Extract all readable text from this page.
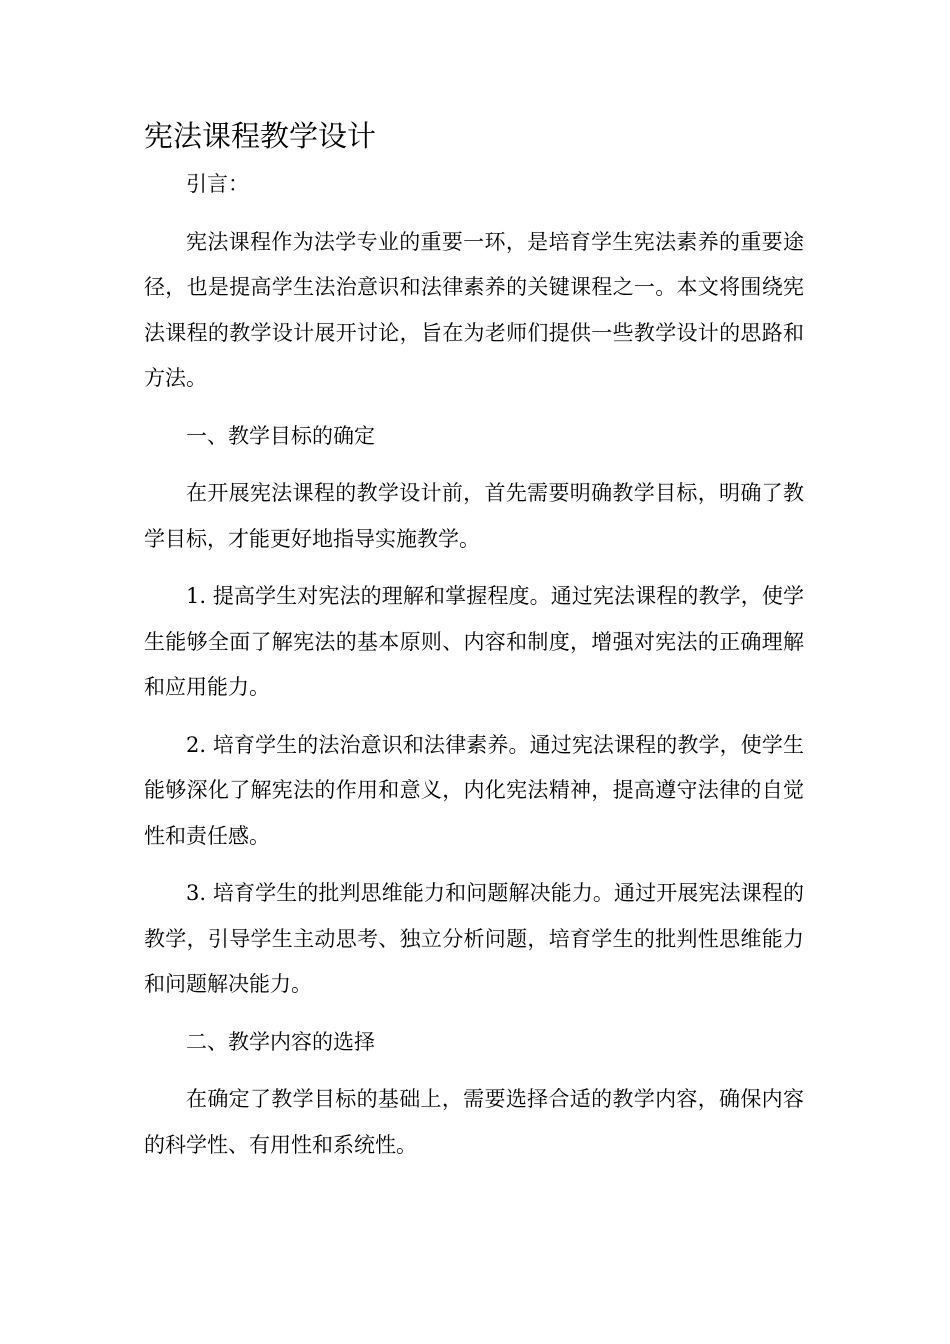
宪法课程教学设计

引言：

宪法课程作为法学专业的重要一环，是培育学生宪法素养的重要途径，也是提高学生法治意识和法律素养的关键课程之一。本文将围绕宪法课程的教学设计展开讨论，旨在为老师们提供一些教学设计的思路和方法。

一、教学目标的确定

在开展宪法课程的教学设计前，首先需要明确教学目标，明确了教学目标，才能更好地指导实施教学。

1. 提高学生对宪法的理解和掌握程度。通过宪法课程的教学，使学生能够全面了解宪法的基本原则、内容和制度，增强对宪法的正确理解和应用能力。

2. 培育学生的法治意识和法律素养。通过宪法课程的教学，使学生能够深化了解宪法的作用和意义，内化宪法精神，提高遵守法律的自觉性和责任感。

3. 培育学生的批判思维能力和问题解决能力。通过开展宪法课程的教学，引导学生主动思考、独立分析问题，培育学生的批判性思维能力和问题解决能力。

二、教学内容的选择

在确定了教学目标的基础上，需要选择合适的教学内容，确保内容的科学性、有用性和系统性。
